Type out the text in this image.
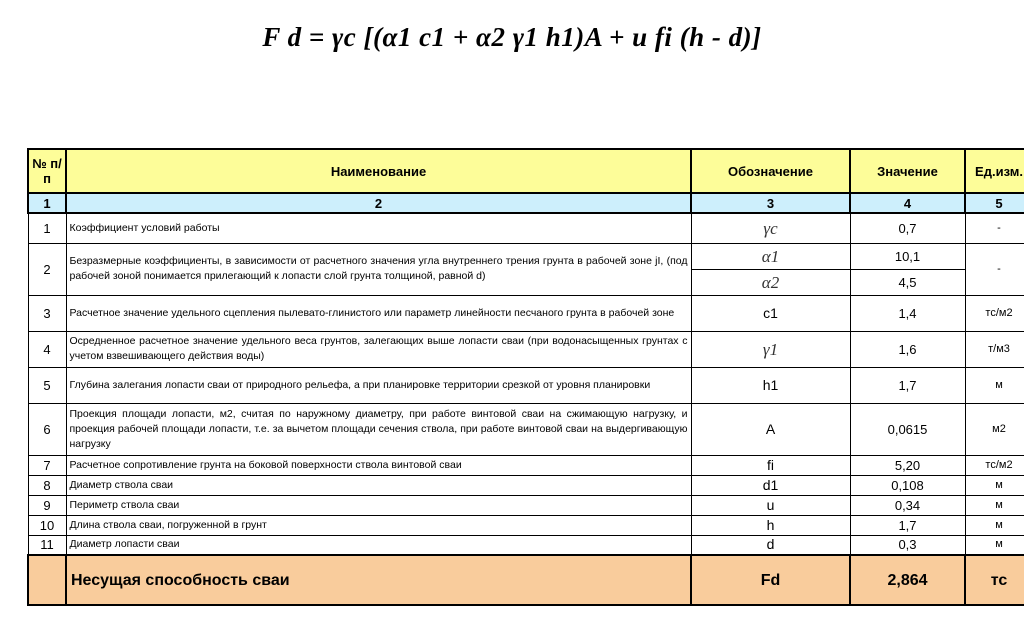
F d = γc [(α1 c1 + α2 γ1 h1)A + u fi (h - d)]
№ п/п	Наименование	Обозначение	Значение	Ед.изм.
1	2	3	4	5
1	Коэффициент условий работы	γc	0,7	-
2	Безразмерные коэффициенты, в зависимости от расчетного значения угла внутреннего трения грунта в рабочей зоне jI, (под рабочей зоной понимается прилегающий к лопасти слой грунта толщиной, равной d)	α1	10,1	-
		α2	4,5	
3	Расчетное значение удельного сцепления пылевато-глинистого или параметр линейности песчаного грунта в рабочей зоне	c1	1,4	тс/м2
4	Осредненное расчетное значение удельного веса грунтов, залегающих выше лопасти сваи (при водонасыщенных грунтах с учетом взвешивающего действия воды)	γ1	1,6	т/м3
5	Глубина залегания лопасти сваи от природного рельефа, а при планировке территории срезкой от уровня планировки	h1	1,7	м
6	Проекция площади лопасти, м2, считая по наружному диаметру, при работе винтовой сваи на сжимающую нагрузку, и проекция рабочей площади лопасти, т.е. за вычетом площади сечения ствола, при работе винтовой сваи на выдергивающую нагрузку	A	0,0615	м2
7	Расчетное сопротивление грунта на боковой поверхности ствола винтовой сваи	fi	5,20	тс/м2
8	Диаметр ствола сваи	d1	0,108	м
9	Периметр ствола сваи	u	0,34	м
10	Длина ствола сваи, погруженной в грунт	h	1,7	м
11	Диаметр лопасти сваи	d	0,3	м
	Несущая способность сваи	Fd	2,864	тс
